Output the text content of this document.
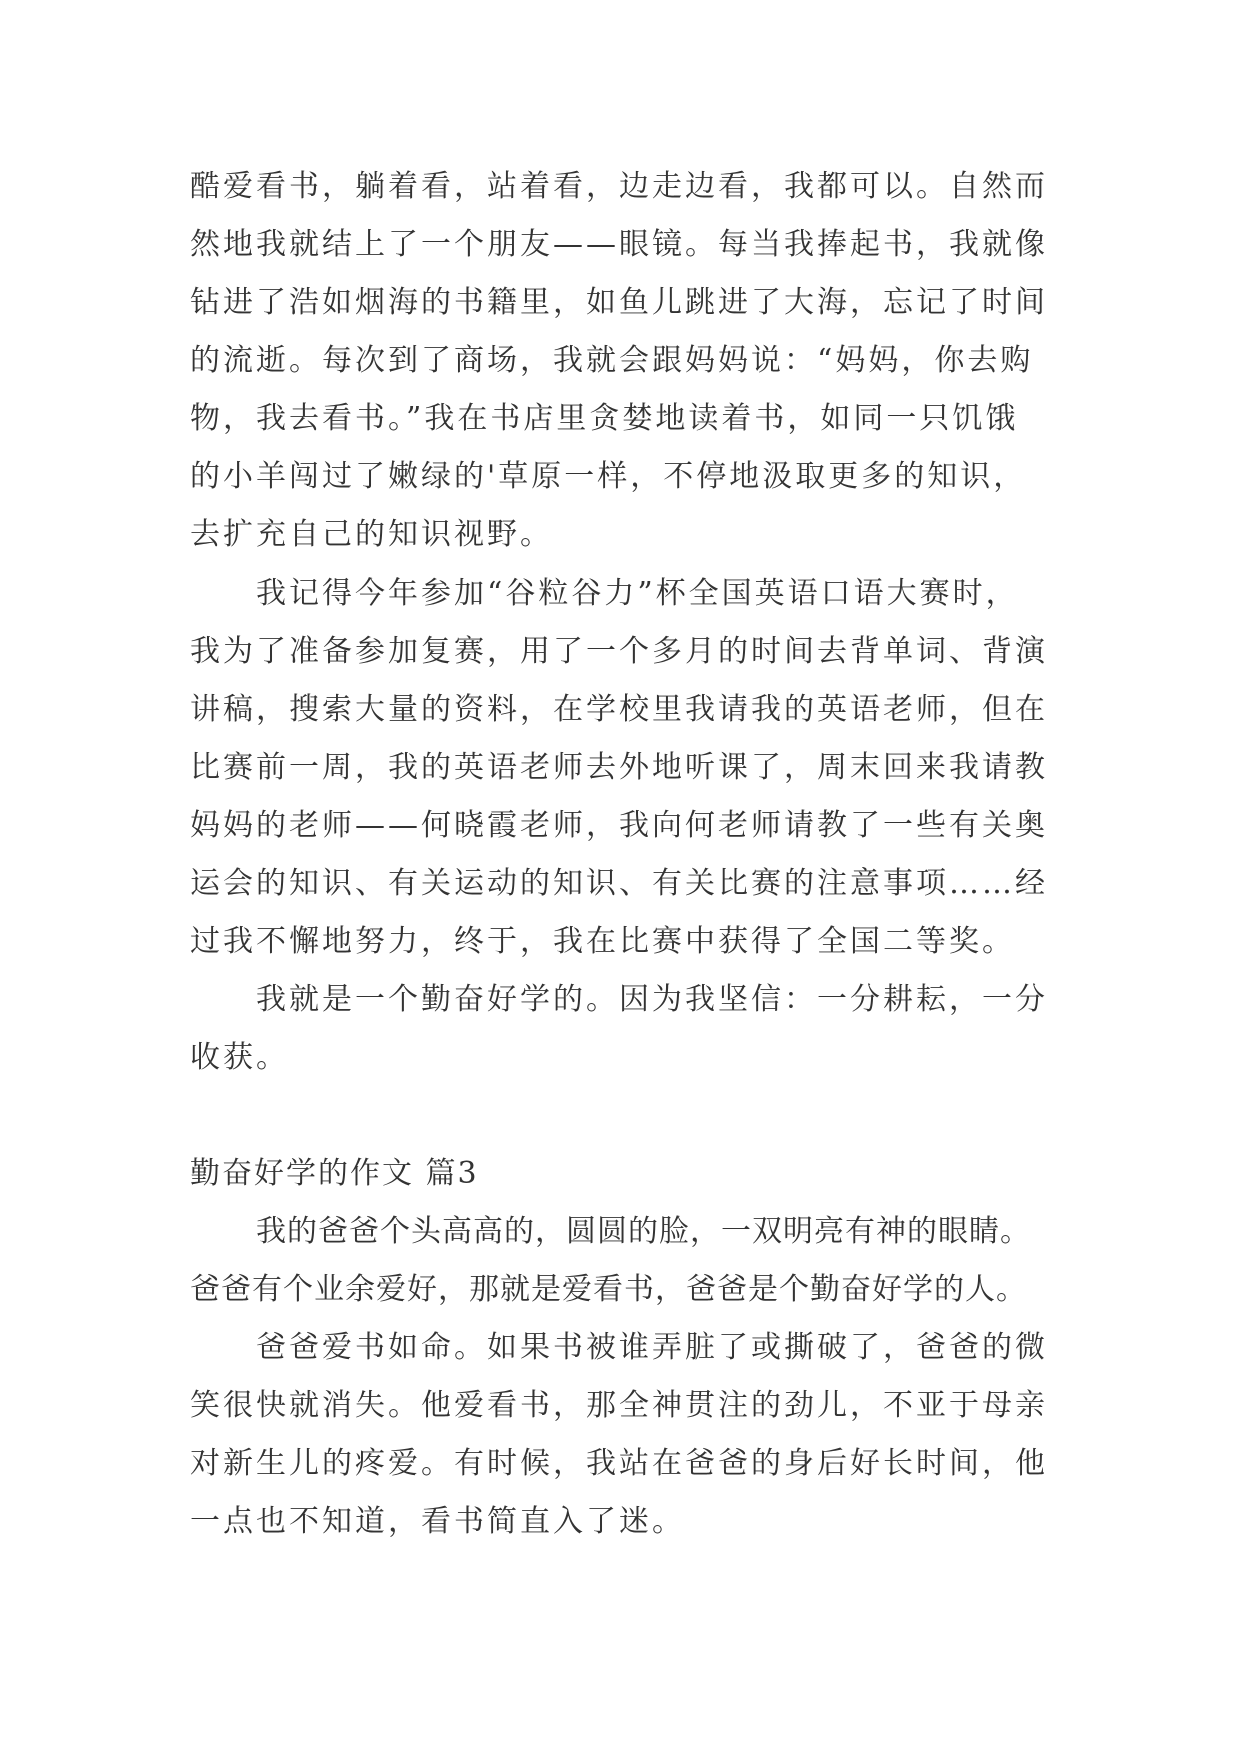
酷爱看书，躺着看，站着看，边走边看，我都可以。自然而
然地我就结上了一个朋友——眼镜。每当我捧起书，我就像
钻进了浩如烟海的书籍里，如鱼儿跳进了大海，忘记了时间
的流逝。每次到了商场，我就会跟妈妈说：“妈妈，你去购
物，我去看书。”我在书店里贪婪地读着书，如同一只饥饿
的小羊闯过了嫩绿的'草原一样，不停地汲取更多的知识，
去扩充自己的知识视野。
我记得今年参加“谷粒谷力”杯全国英语口语大赛时，
我为了准备参加复赛，用了一个多月的时间去背单词、背演
讲稿，搜索大量的资料，在学校里我请我的英语老师，但在
比赛前一周，我的英语老师去外地听课了，周末回来我请教
妈妈的老师——何晓霞老师，我向何老师请教了一些有关奥
运会的知识、有关运动的知识、有关比赛的注意事项……经
过我不懈地努力，终于，我在比赛中获得了全国二等奖。
我就是一个勤奋好学的。因为我坚信：一分耕耘，一分
收获。
勤奋好学的作文 篇3
我的爸爸个头高高的，圆圆的脸，一双明亮有神的眼睛。
爸爸有个业余爱好，那就是爱看书，爸爸是个勤奋好学的人。
爸爸爱书如命。如果书被谁弄脏了或撕破了，爸爸的微
笑很快就消失。他爱看书，那全神贯注的劲儿，不亚于母亲
对新生儿的疼爱。有时候，我站在爸爸的身后好长时间，他
一点也不知道，看书简直入了迷。
